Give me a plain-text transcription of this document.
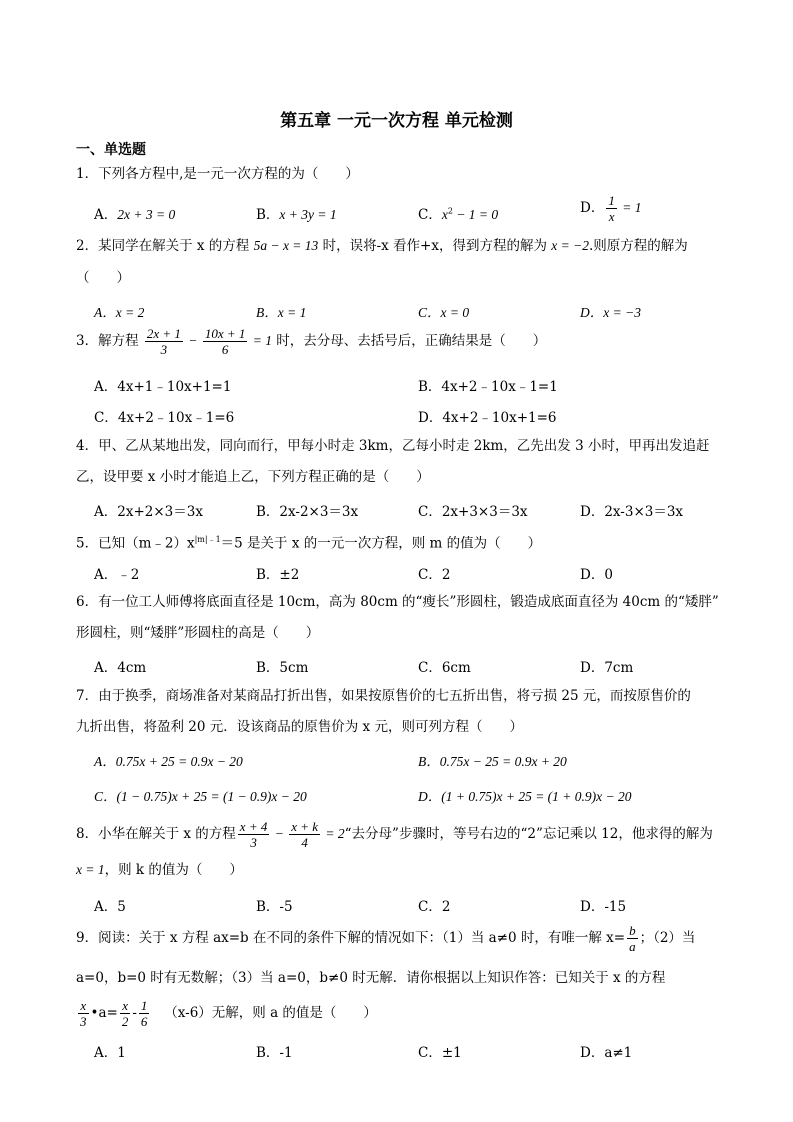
第五章 一元一次方程 单元检测
一、单选题
1．下列各方程中,是一元一次方程的为（　　）
A．2x + 3 = 0	B．x + 3y = 1	C．$x^2 - 1 = 0$	D． $\frac{1}{x} = 1$
2．某同学在解关于 x 的方程 5a − x = 13 时，误将-x 看作+x，得到方程的解为 x = −2.则原方程的解为
（　　）
A．x = 2	B．x = 1	C．x = 0	D．x = −3
3．解方程 $\frac{2x + 1}{3} - \frac{10x + 1}{6} = 1$ 时，去分母、去括号后，正确结果是（　　）
A．4x+1﹣10x+1=1	B．4x+2﹣10x﹣1=1
C．4x+2﹣10x﹣1=6	D．4x+2﹣10x+1=6
4．甲、乙从某地出发，同向而行，甲每小时走 3km，乙每小时走 2km，乙先出发 3 小时，甲再出发追赶
乙，设甲要 x 小时才能追上乙，下列方程正确的是（　　）
A．2x+2×3＝3x	B．2x-2×3＝3x	C．2x+3×3＝3x	D．2x-3×3＝3x
5．已知$(m﹣2)x^{|m|﹣1}=5$ 是关于 x 的一元一次方程，则 m 的值为（　　）
A．﹣2	B．±2	C．2	D．0
6．有一位工人师傅将底面直径是 10cm，高为 80cm 的“瘦长”形圆柱，锻造成底面直径为 40cm 的“矮胖”
形圆柱，则“矮胖”形圆柱的高是（　　）
A．4cm	B．5cm	C．6cm	D．7cm
7．由于换季，商场准备对某商品打折出售，如果按原售价的七五折出售，将亏损 25 元，而按原售价的
九折出售，将盈利 20 元．设该商品的原售价为 x 元，则可列方程（　　）
A．0.75x + 25 = 0.9x − 20	B．0.75x − 25 = 0.9x + 20
C．(1 − 0.75)x + 25 = (1 − 0.9)x − 20	D．(1 + 0.75)x + 25 = (1 + 0.9)x − 20
8．小华在解关于 x 的方程 $\frac{x + 4}{3} - \frac{x + k}{4}$ = 2“去分母”步骤时，等号右边的“2”忘记乘以 12，他求得的解为
x = 1，则 k 的值为（　　）
A．5	B．-5	C．2	D．-15
9．阅读：关于 x 方程 ax=b 在不同的条件下解的情况如下：（1）当 a≠0 时，有唯一解 $x= \frac{b}{a}$ ；（2）当
a=0，b=0 时有无数解；（3）当 a=0，b≠0 时无解．请你根据以上知识作答：已知关于 x 的方程
$\frac{x}{3}$ •a= $\frac{x}{2} - \frac{1}{6} (x-6)$无解，则 a 的值是（　　）
A．1	B．-1	C．±1	D．a≠1
